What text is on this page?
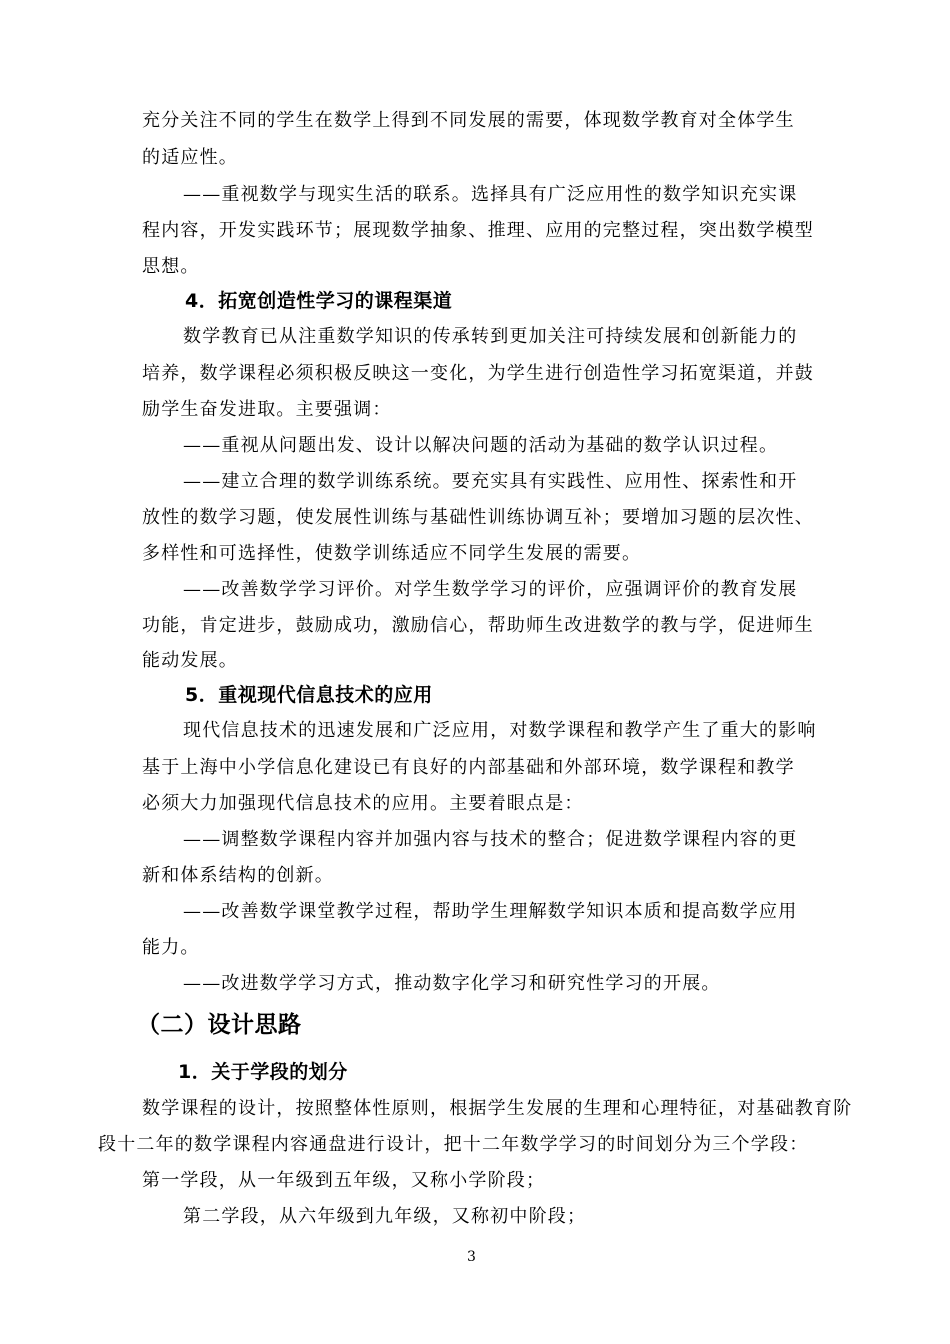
充分关注不同的学生在数学上得到不同发展的需要，体现数学教育对全体学生
的适应性。
——重视数学与现实生活的联系。选择具有广泛应用性的数学知识充实课
程内容，开发实践环节；展现数学抽象、推理、应用的完整过程，突出数学模型
思想。
4．拓宽创造性学习的课程渠道
数学教育已从注重数学知识的传承转到更加关注可持续发展和创新能力的
培养，数学课程必须积极反映这一变化，为学生进行创造性学习拓宽渠道，并鼓
励学生奋发进取。主要强调：
——重视从问题出发、设计以解决问题的活动为基础的数学认识过程。
——建立合理的数学训练系统。要充实具有实践性、应用性、探索性和开
放性的数学习题，使发展性训练与基础性训练协调互补；要增加习题的层次性、
多样性和可选择性，使数学训练适应不同学生发展的需要。
——改善数学学习评价。对学生数学学习的评价，应强调评价的教育发展
功能，肯定进步，鼓励成功，激励信心，帮助师生改进数学的教与学，促进师生
能动发展。
5．重视现代信息技术的应用
现代信息技术的迅速发展和广泛应用，对数学课程和教学产生了重大的影响
基于上海中小学信息化建设已有良好的内部基础和外部环境，数学课程和教学
必须大力加强现代信息技术的应用。主要着眼点是：
——调整数学课程内容并加强内容与技术的整合；促进数学课程内容的更
新和体系结构的创新。
——改善数学课堂教学过程，帮助学生理解数学知识本质和提高数学应用
能力。
——改进数学学习方式，推动数字化学习和研究性学习的开展。
（二）设计思路
1．关于学段的划分
数学课程的设计，按照整体性原则，根据学生发展的生理和心理特征，对基础教育阶
段十二年的数学课程内容通盘进行设计，把十二年数学学习的时间划分为三个学段：
第一学段，从一年级到五年级，又称小学阶段；
第二学段，从六年级到九年级，又称初中阶段；
3
